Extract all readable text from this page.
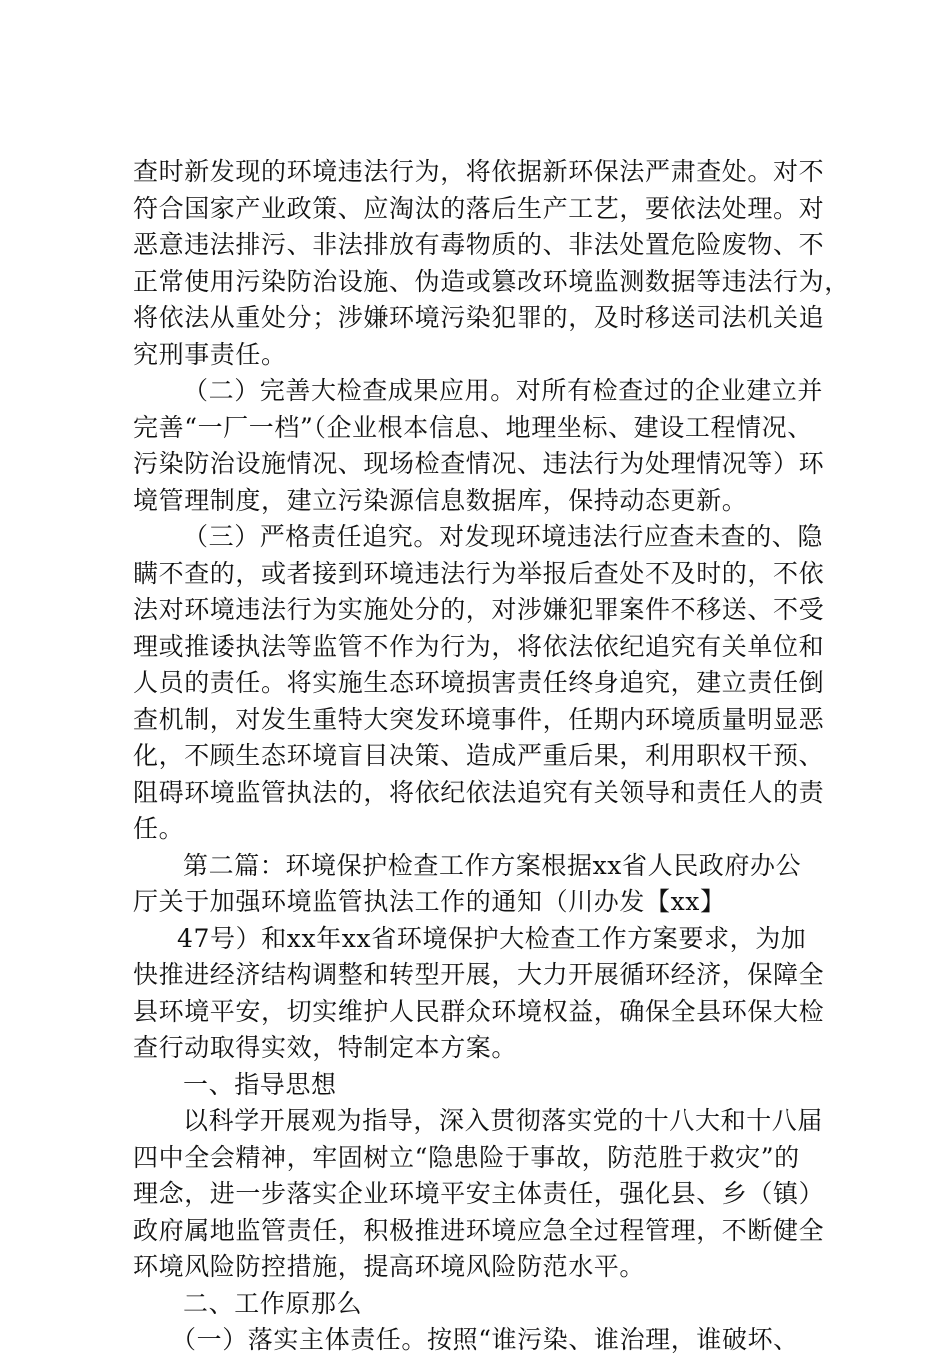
查时新发现的环境违法行为，将依据新环保法严肃查处。对不
符合国家产业政策、应淘汰的落后生产工艺，要依法处理。对
恶意违法排污、非法排放有毒物质的、非法处置危险废物、不
正常使用污染防治设施、伪造或篡改环境监测数据等违法行为，
将依法从重处分；涉嫌环境污染犯罪的，及时移送司法机关追
究刑事责任。
（二）完善大检查成果应用。对所有检查过的企业建立并
完善“一厂一档”（企业根本信息、地理坐标、建设工程情况、
污染防治设施情况、现场检查情况、违法行为处理情况等）环
境管理制度，建立污染源信息数据库，保持动态更新。
（三）严格责任追究。对发现环境违法行应查未查的、隐
瞒不查的，或者接到环境违法行为举报后查处不及时的，不依
法对环境违法行为实施处分的，对涉嫌犯罪案件不移送、不受
理或推诿执法等监管不作为行为，将依法依纪追究有关单位和
人员的责任。将实施生态环境损害责任终身追究，建立责任倒
查机制，对发生重特大突发环境事件，任期内环境质量明显恶
化，不顾生态环境盲目决策、造成严重后果，利用职权干预、
阻碍环境监管执法的，将依纪依法追究有关领导和责任人的责
任。
第二篇：环境保护检查工作方案根据xx省人民政府办公
厅关于加强环境监管执法工作的通知（川办发【xx】
47号）和xx年xx省环境保护大检查工作方案要求，为加
快推进经济结构调整和转型开展，大力开展循环经济，保障全
县环境平安，切实维护人民群众环境权益，确保全县环保大检
查行动取得实效，特制定本方案。
一、指导思想
以科学开展观为指导，深入贯彻落实党的十八大和十八届
四中全会精神，牢固树立“隐患险于事故，防范胜于救灾”的
理念，进一步落实企业环境平安主体责任，强化县、乡（镇）
政府属地监管责任，积极推进环境应急全过程管理，不断健全
环境风险防控措施，提高环境风险防范水平。
二、工作原那么
（一）落实主体责任。按照“谁污染、谁治理，谁破坏、
